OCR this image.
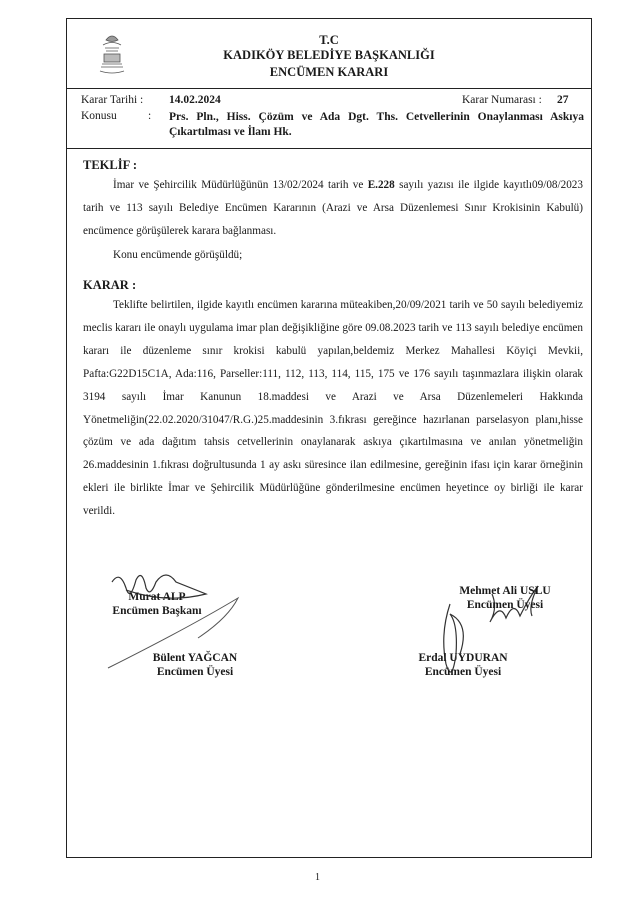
T.C
KADIKÖY BELEDİYE BAŞKANLIĞI
ENCÜMEN KARARI
Karar Tarihi : 14.02.2024	Karar Numarası : 27
Konusu	: Prs. Pln., Hiss. Çözüm ve Ada Dgt. Ths. Cetvellerinin Onaylanması Askıya Çıkartılması ve İlanı Hk.
TEKLİF :
İmar ve Şehircilik Müdürlüğünün 13/02/2024 tarih ve E.228 sayılı yazısı ile ilgide kayıtlı09/08/2023 tarih ve 113 sayılı Belediye Encümen Kararının (Arazi ve Arsa Düzenlemesi Sınır Krokisinin Kabulü) encümence görüşülerek karara bağlanması.
Konu encümende görüşüldü;
KARAR :
Teklifte belirtilen, ilgide kayıtlı encümen kararına müteakiben,20/09/2021 tarih ve 50 sayılı belediyemiz meclis kararı ile onaylı uygulama imar plan değişikliğine göre 09.08.2023 tarih ve 113 sayılı belediye encümen kararı ile düzenleme sınır krokisi kabulü yapılan,beldemiz Merkez Mahallesi Köyiçi Mevkii, Pafta:G22D15C1A, Ada:116, Parseller:111, 112, 113, 114, 115, 175 ve 176 sayılı taşınmazlara ilişkin olarak 3194 sayılı İmar Kanunun 18.maddesi ve Arazi ve Arsa Düzenlemeleri Hakkında Yönetmeliğin(22.02.2020/31047/R.G.)25.maddesinin 3.fıkrası gereğince hazırlanan parselasyon planı,hisse çözüm ve ada dağıtım tahsis cetvellerinin onaylanarak askıya çıkartılmasına ve anılan yönetmeliğin 26.maddesinin 1.fıkrası doğrultusunda 1 ay askı süresince ilan edilmesine, gereğinin ifası için karar örneğinin ekleri ile birlikte İmar ve Şehircilik Müdürlüğüne gönderilmesine encümen heyetince oy birliği ile karar verildi.
Murat ALP
Encümen Başkanı
Mehmet Ali USLU
Encümen Üyesi
Bülent YAĞCAN
Encümen Üyesi
Erdal UYDURAN
Encümen Üyesi
1
